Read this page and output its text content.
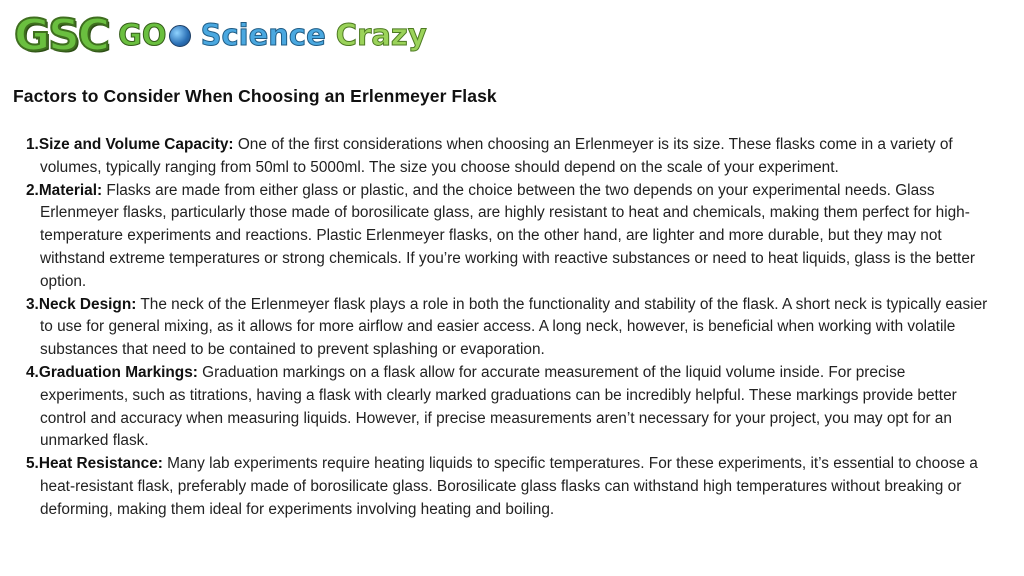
GSC GO Science Crazy
Factors to Consider When Choosing an Erlenmeyer Flask
1.Size and Volume Capacity: One of the first considerations when choosing an Erlenmeyer is its size. These flasks come in a variety of volumes, typically ranging from 50ml to 5000ml. The size you choose should depend on the scale of your experiment.
2.Material: Flasks are made from either glass or plastic, and the choice between the two depends on your experimental needs. Glass Erlenmeyer flasks, particularly those made of borosilicate glass, are highly resistant to heat and chemicals, making them perfect for high-temperature experiments and reactions. Plastic Erlenmeyer flasks, on the other hand, are lighter and more durable, but they may not withstand extreme temperatures or strong chemicals. If you’re working with reactive substances or need to heat liquids, glass is the better option.
3.Neck Design: The neck of the Erlenmeyer flask plays a role in both the functionality and stability of the flask. A short neck is typically easier to use for general mixing, as it allows for more airflow and easier access. A long neck, however, is beneficial when working with volatile substances that need to be contained to prevent splashing or evaporation.
4.Graduation Markings: Graduation markings on a flask allow for accurate measurement of the liquid volume inside. For precise experiments, such as titrations, having a flask with clearly marked graduations can be incredibly helpful. These markings provide better control and accuracy when measuring liquids. However, if precise measurements aren’t necessary for your project, you may opt for an unmarked flask.
5.Heat Resistance: Many lab experiments require heating liquids to specific temperatures. For these experiments, it’s essential to choose a heat-resistant flask, preferably made of borosilicate glass. Borosilicate glass flasks can withstand high temperatures without breaking or deforming, making them ideal for experiments involving heating and boiling.
